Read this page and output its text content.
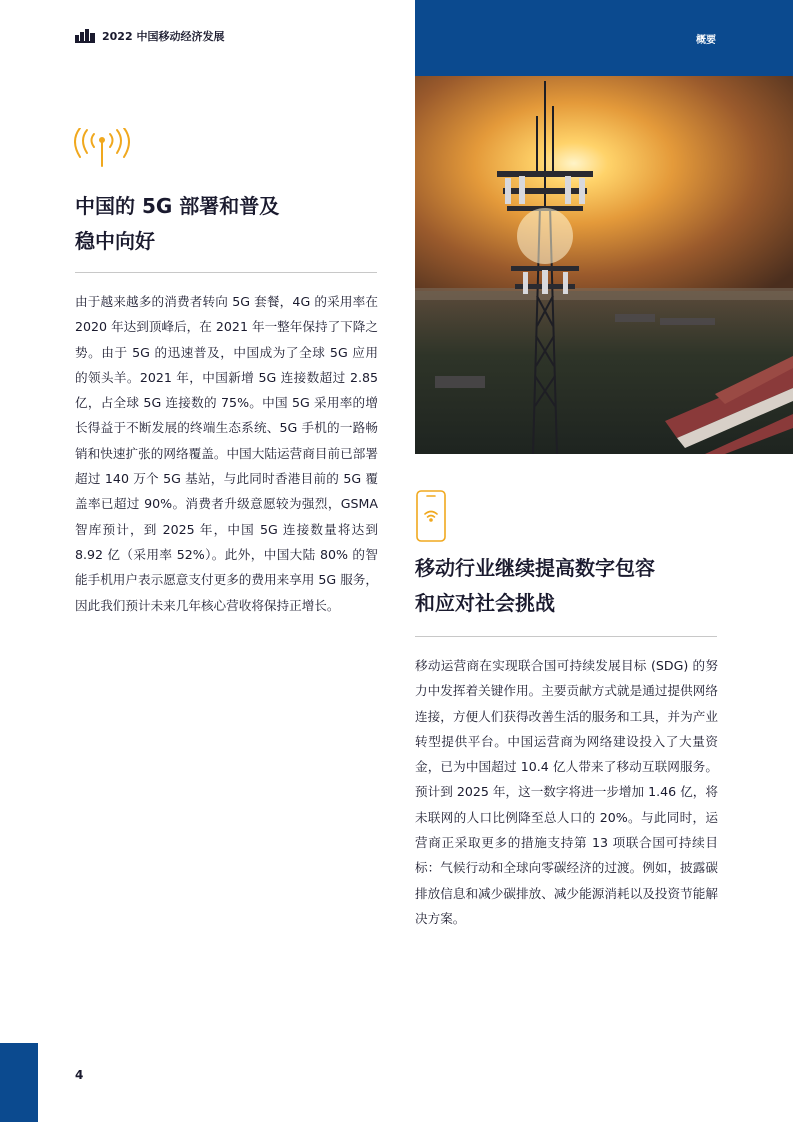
2022 中国移动经济发展	概要
中国的 5G 部署和普及
稳中向好
由于越来越多的消费者转向 5G 套餐，4G 的采用率在 2020 年达到顶峰后，在 2021 年一整年保持了下降之势。由于 5G 的迅速普及，中国成为了全球 5G 应用的领头羊。2021 年，中国新增 5G 连接数超过 2.85 亿，占全球 5G 连接数的 75%。中国 5G 采用率的增长得益于不断发展的终端生态系统、5G 手机的一路畅销和快速扩张的网络覆盖。中国大陆运营商目前已部署超过 140 万个 5G 基站，与此同时香港目前的 5G 覆盖率已超过 90%。消费者升级意愿较为强烈，GSMA 智库预计，到 2025 年，中国 5G 连接数量将达到 8.92 亿（采用率 52%）。此外，中国大陆 80% 的智能手机用户表示愿意支付更多的费用来享用 5G 服务，因此我们预计未来几年核心营收将保持正增长。
移动行业继续提高数字包容
和应对社会挑战
移动运营商在实现联合国可持续发展目标 (SDG) 的努力中发挥着关键作用。主要贡献方式就是通过提供网络连接，方便人们获得改善生活的服务和工具，并为产业转型提供平台。中国运营商为网络建设投入了大量资金，已为中国超过 10.4 亿人带来了移动互联网服务。预计到 2025 年，这一数字将进一步增加 1.46 亿，将未联网的人口比例降至总人口的 20%。与此同时，运营商正采取更多的措施支持第 13 项联合国可持续目标：气候行动和全球向零碳经济的过渡。例如，披露碳排放信息和减少碳排放、减少能源消耗以及投资节能解决方案。
4
